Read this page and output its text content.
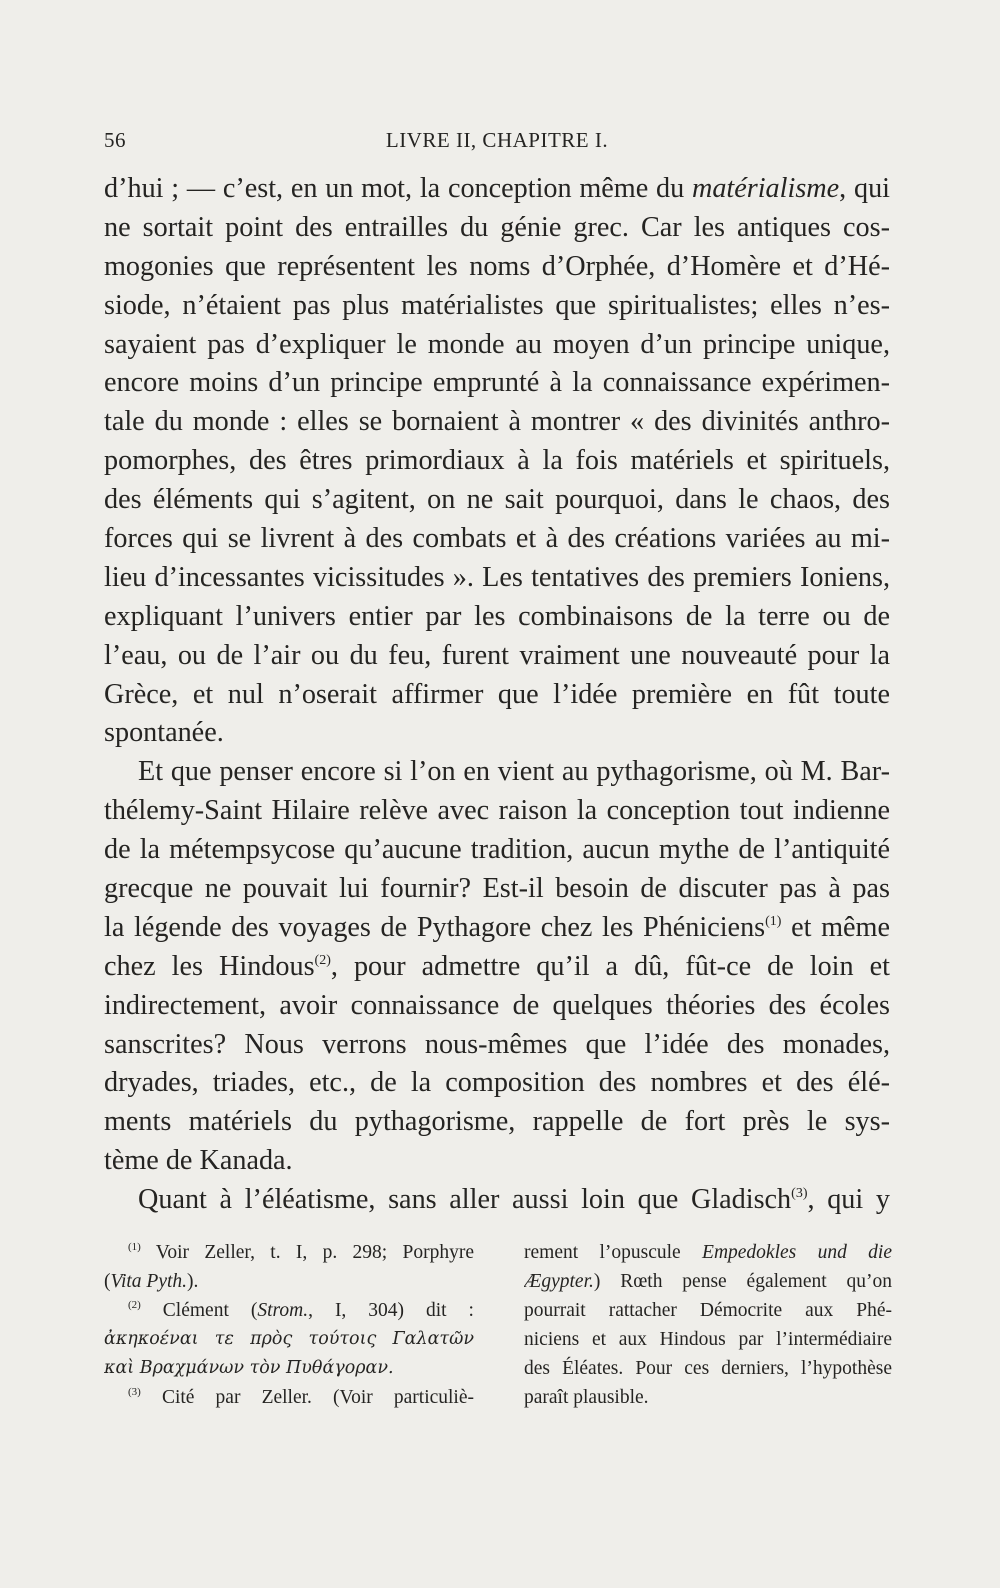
56	LIVRE II, CHAPITRE I.
d’hui ; — c’est, en un mot, la conception même du matérialisme, qui
ne sortait point des entrailles du génie grec. Car les antiques cos-
mogonies que représentent les noms d’Orphée, d’Homère et d’Hé-
siode, n’étaient pas plus matérialistes que spiritualistes; elles n’es-
sayaient pas d’expliquer le monde au moyen d’un principe unique,
encore moins d’un principe emprunté à la connaissance expérimen-
tale du monde : elles se bornaient à montrer « des divinités anthro-
pomorphes, des êtres primordiaux à la fois matériels et spirituels,
des éléments qui s’agitent, on ne sait pourquoi, dans le chaos, des
forces qui se livrent à des combats et à des créations variées au mi-
lieu d’incessantes vicissitudes ». Les tentatives des premiers Ioniens,
expliquant l’univers entier par les combinaisons de la terre ou de
l’eau, ou de l’air ou du feu, furent vraiment une nouveauté pour la
Grèce, et nul n’oserait affirmer que l’idée première en fût toute
spontanée.
Et que penser encore si l’on en vient au pythagorisme, où M. Bar-
thélemy-Saint Hilaire relève avec raison la conception tout indienne
de la métempsycose qu’aucune tradition, aucun mythe de l’antiquité
grecque ne pouvait lui fournir? Est-il besoin de discuter pas à pas
la légende des voyages de Pythagore chez les Phéniciens$^{(1)}$ et même
chez les Hindous$^{(2)}$, pour admettre qu’il a dû, fût-ce de loin et
indirectement, avoir connaissance de quelques théories des écoles
sanscrites? Nous verrons nous-mêmes que l’idée des monades,
dryades, triades, etc., de la composition des nombres et des élé-
ments matériels du pythagorisme, rappelle de fort près le sys-
tème de Kanada.
Quant à l’éléatisme, sans aller aussi loin que Gladisch$^{(3)}$, qui y
$^{(1)}$ Voir Zeller, t. I, p. 298; Porphyre
(Vita Pyth.).
$^{(2)}$ Clément (Strom., I, 304) dit :
ἀκηκοέναι τε πρὸς τούτοις Γαλατῶν
καὶ Βραχμάνων τὸν Πυθάγοραν.
$^{(3)}$ Cité par Zeller. (Voir particuliè-
rement l’opuscule Empedokles und die
Ægypter.) Rœth pense également qu’on
pourrait rattacher Démocrite aux Phé-
niciens et aux Hindous par l’intermédiaire
des Éléates. Pour ces derniers, l’hypothèse
paraît plausible.
